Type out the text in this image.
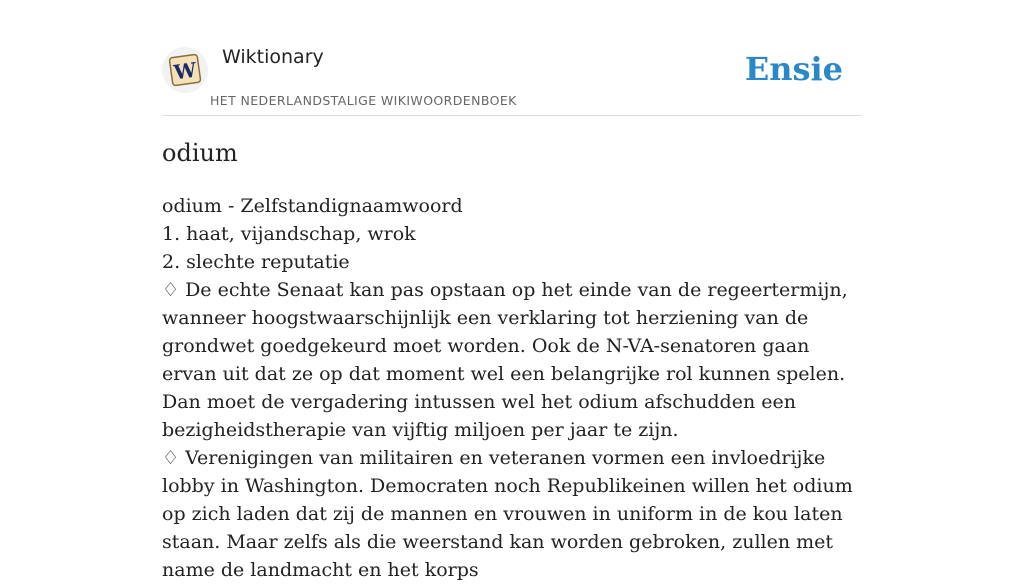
W
Wiktionary
HET NEDERLANDSTALIGE WIKIWOORDENBOEK
Ensie
odium

odium - Zelfstandignaamwoord

1. haat, vijandschap, wrok

2. slechte reputatie

♢ De echte Senaat kan pas opstaan op het einde van de regeertermijn, wanneer hoogstwaarschijnlijk een verklaring tot herziening van de grondwet goedgekeurd moet worden. Ook de N-VA-senatoren gaan ervan uit dat ze op dat moment wel een belangrijke rol kunnen spelen. Dan moet de vergadering intussen wel het odium afschudden een bezigheidstherapie van vijftig miljoen per jaar te zijn.

♢ Verenigingen van militairen en veteranen vormen een invloedrijke lobby in Washington. Democraten noch Republikeinen willen het odium op zich laden dat zij de mannen en vrouwen in uniform in de kou laten staan. Maar zelfs als die weerstand kan worden gebroken, zullen met name de landmacht en het korps
